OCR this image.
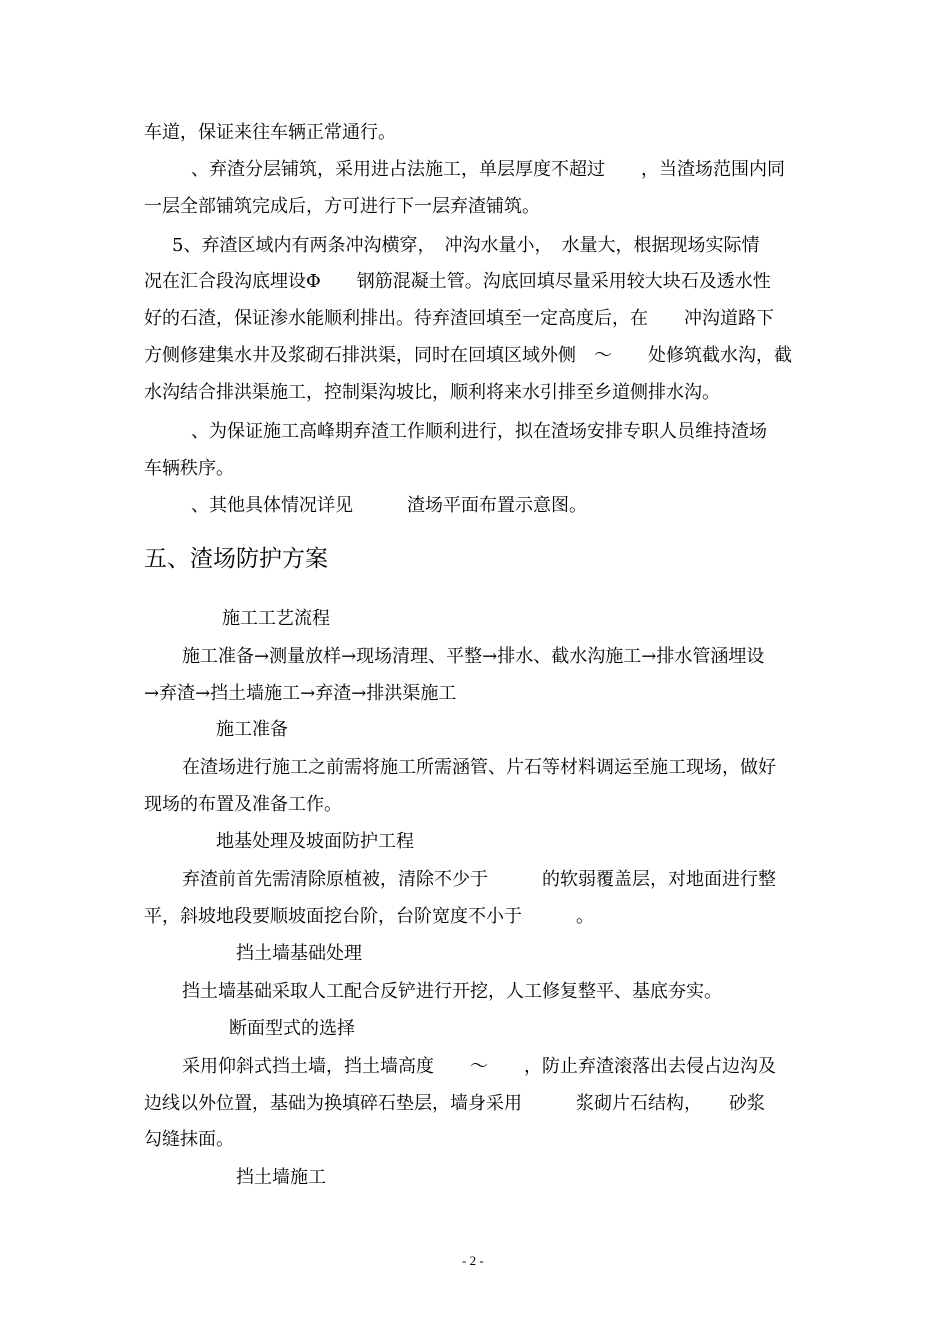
车道，保证来往车辆正常通行。

、弃渣分层铺筑，采用进占法施工，单层厚度不超过　　，当渣场范围内同

一层全部铺筑完成后，方可进行下一层弃渣铺筑。

5、弃渣区域内有两条冲沟横穿，　冲沟水量小，　水量大，根据现场实际情

况在汇合段沟底埋设Φ　　钢筋混凝土管。沟底回填尽量采用较大块石及透水性

好的石渣，保证渗水能顺利排出。待弃渣回填至一定高度后，在　　冲沟道路下

方侧修建集水井及浆砌石排洪渠，同时在回填区域外侧　～　　处修筑截水沟，截

水沟结合排洪渠施工，控制渠沟坡比，顺利将来水引排至乡道侧排水沟。

、为保证施工高峰期弃渣工作顺利进行，拟在渣场安排专职人员维持渣场

车辆秩序。

、其他具体情况详见　　　渣场平面布置示意图。

五、渣场防护方案

施工工艺流程

施工准备→测量放样→现场清理、平整→排水、截水沟施工→排水管涵埋设

→弃渣→挡土墙施工→弃渣→排洪渠施工

施工准备

在渣场进行施工之前需将施工所需涵管、片石等材料调运至施工现场，做好

现场的布置及准备工作。

地基处理及坡面防护工程

弃渣前首先需清除原植被，清除不少于　　　的软弱覆盖层，对地面进行整

平，斜坡地段要顺坡面挖台阶，台阶宽度不小于　　　。

挡土墙基础处理

挡土墙基础采取人工配合反铲进行开挖，人工修复整平、基底夯实。

断面型式的选择

采用仰斜式挡土墙，挡土墙高度　　～　　，防止弃渣滚落出去侵占边沟及

边线以外位置，基础为换填碎石垫层，墙身采用　　　浆砌片石结构，　　砂浆

勾缝抹面。

挡土墙施工

- 2 -
